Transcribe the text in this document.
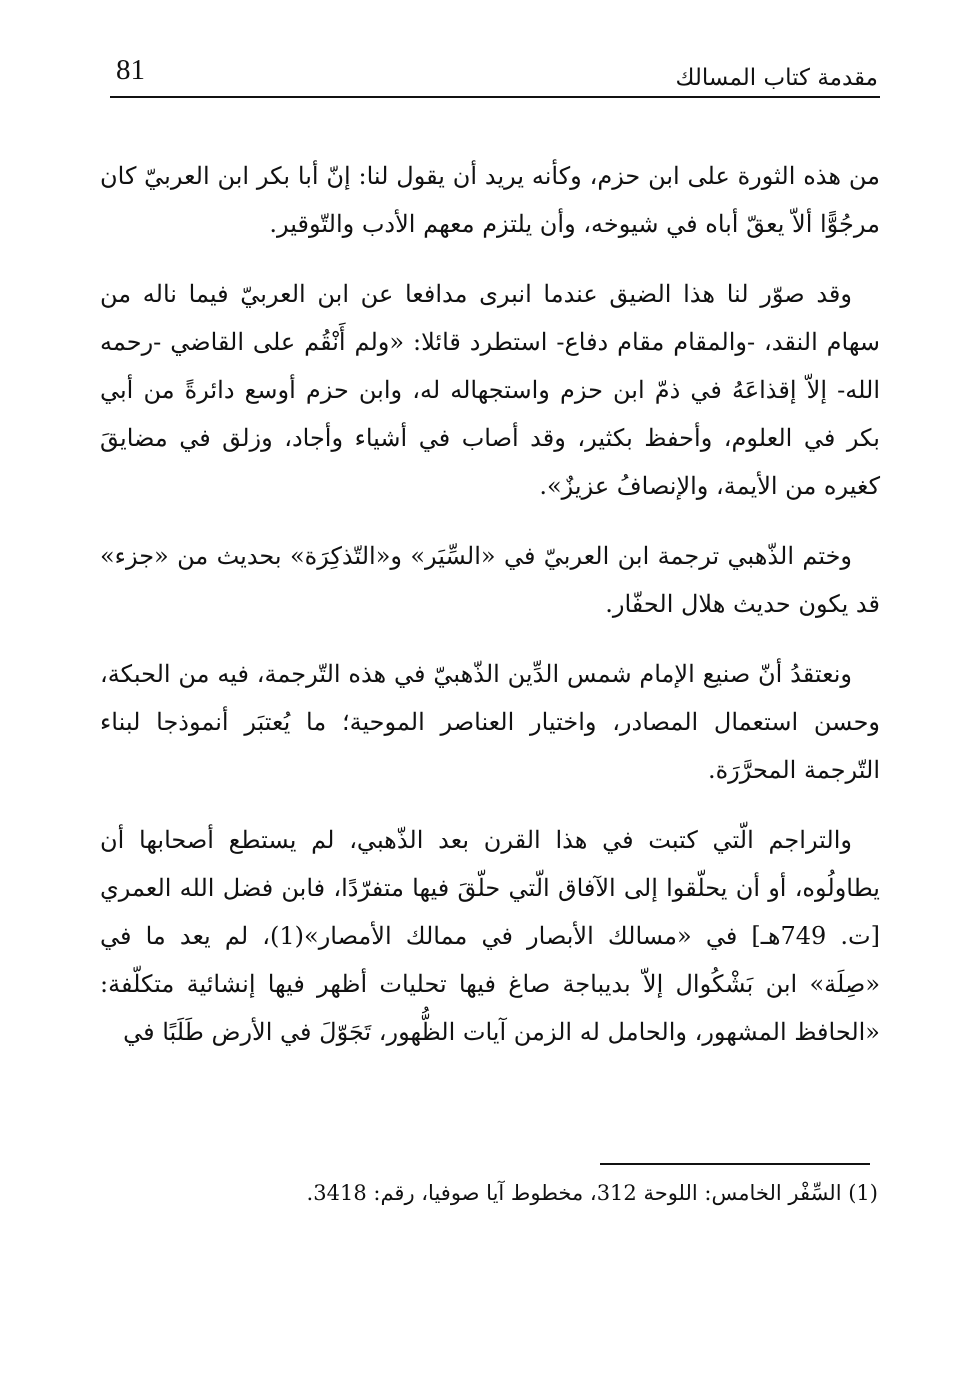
81	مقدمة كتاب المسالك

من هذه الثورة على ابن حزم، وكأنه يريد أن يقول لنا: إنّ أبا بكر ابن العربيّ كان مرجُوًّا ألاّ يعقّ أباه في شيوخه، وأن يلتزم معهم الأدب والتّوقير.

وقد صوّر لنا هذا الضيق عندما انبرى مدافعا عن ابن العربيّ فيما ناله من سهام النقد، -والمقام مقام دفاع- استطرد قائلا: «ولم أَنْقُم على القاضي -رحمه الله- إلاّ إقذاعَهُ في ذمّ ابن حزم واستجهاله له، وابن حزم أوسع دائرةً من أبي بكر في العلوم، وأحفظ بكثير، وقد أصاب في أشياء وأجاد، وزلق في مضايقَ كغيره من الأيمة، والإنصافُ عزيزٌ».

وختم الذّهبي ترجمة ابن العربيّ في «السِّيَر» و«التّذكِرَة» بحديث من «جزء» قد يكون حديث هلال الحفّار.

ونعتقدُ أنّ صنيع الإمام شمس الدِّين الذّهبيّ في هذه التّرجمة، فيه من الحبكة، وحسن استعمال المصادر، واختيار العناصر الموحية؛ ما يُعتبَر أنموذجا لبناء التّرجمة المحرَّرَة.

والتراجم الّتي كتبت في هذا القرن بعد الذّهبي، لم يستطع أصحابها أن يطاولُوه، أو أن يحلّقوا إلى الآفاق الّتي حلّقَ فيها متفرّدًا، فابن فضل الله العمري [ت. 749هـ] في «مسالك الأبصار في ممالك الأمصار»(1)، لم يعد ما في «صِلَة» ابن بَشْكُوال إلاّ بديباجة صاغ فيها تحليات أظهر فيها إنشائية متكلّفة: «الحافظ المشهور، والحامل له الزمن آيات الظُّهور، تَجَوّلَ في الأرض طَلَبًا في

(1) السِّفْر الخامس: اللوحة 312، مخطوط آيا صوفيا، رقم: 3418.
